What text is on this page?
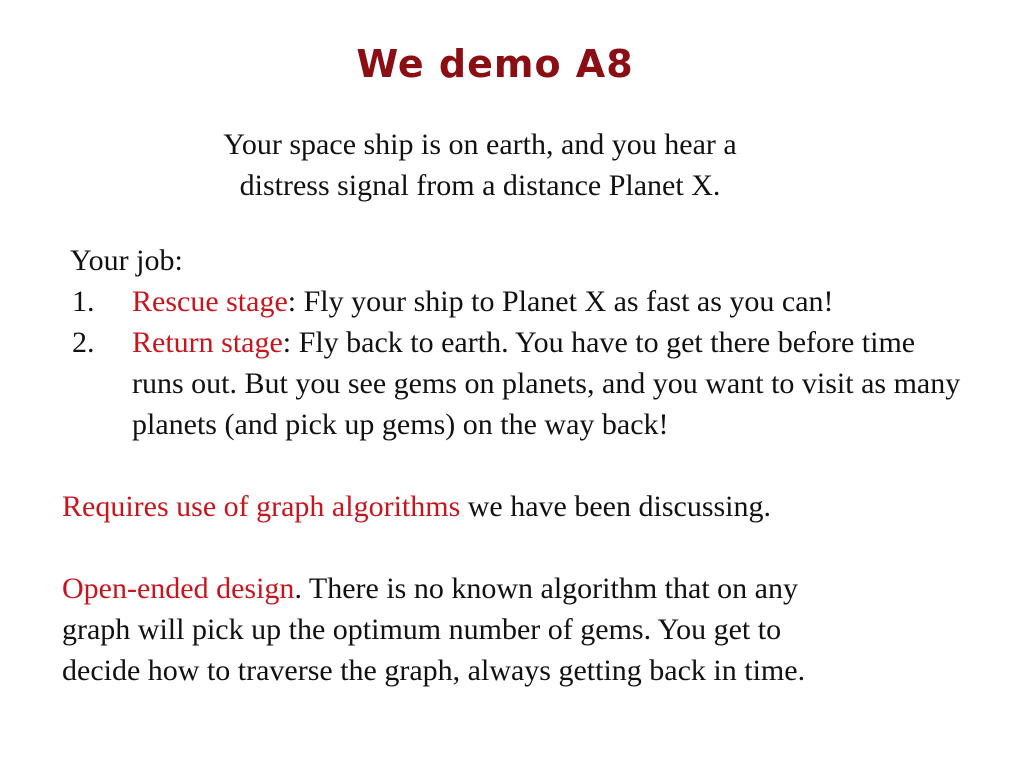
We demo A8
Your space ship is on earth, and you hear a
distress signal from a distance Planet X.
Your job:
1.	Rescue stage: Fly your ship to Planet X as fast as you can!
2.	Return stage: Fly back to earth. You have to get there before time runs out. But you see gems on planets, and you want to visit as many planets (and pick up gems) on the way back!
Requires use of graph algorithms we have been discussing.
Open-ended design. There is no known algorithm that on any
graph will pick up the optimum number of gems. You get to
decide how to traverse the graph, always getting back in time.
